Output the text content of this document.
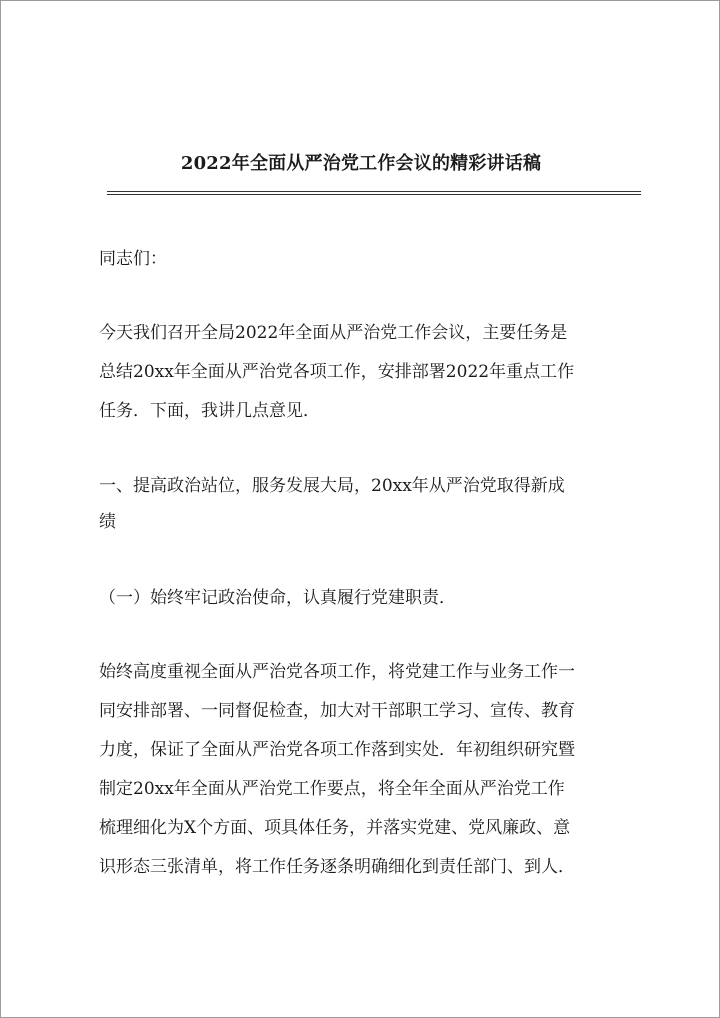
2022年全面从严治党工作会议的精彩讲话稿
同志们：
今天我们召开全局2022年全面从严治党工作会议，主要任务是
总结20xx年全面从严治党各项工作，安排部署2022年重点工作
任务．下面，我讲几点意见．
一、提高政治站位，服务发展大局，20xx年从严治党取得新成
绩
（一）始终牢记政治使命，认真履行党建职责．
始终高度重视全面从严治党各项工作，将党建工作与业务工作一
同安排部署、一同督促检查，加大对干部职工学习、宣传、教育
力度，保证了全面从严治党各项工作落到实处．年初组织研究暨
制定20xx年全面从严治党工作要点，将全年全面从严治党工作
梳理细化为X个方面、项具体任务，并落实党建、党风廉政、意
识形态三张清单，将工作任务逐条明确细化到责任部门、到人．
